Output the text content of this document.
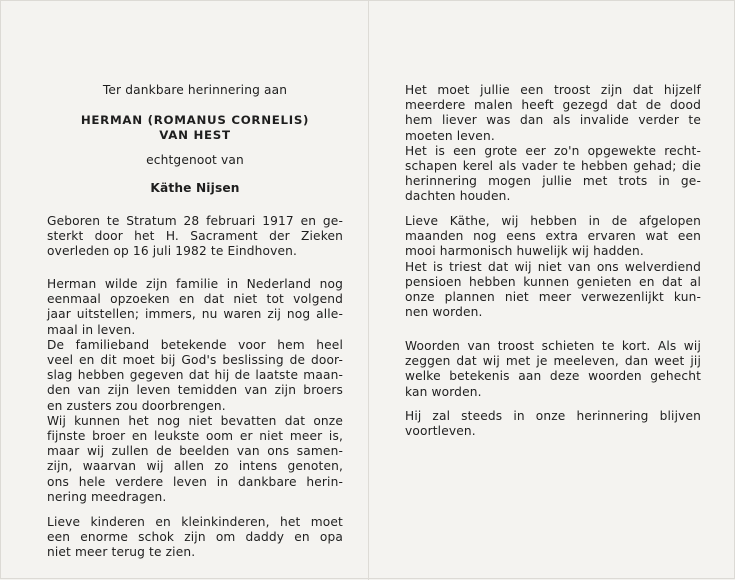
Ter dankbare herinnering aan
HERMAN (ROMANUS CORNELIS)
VAN HEST
echtgenoot van
Käthe Nijsen
Geboren te Stratum 28 februari 1917 en ge-
sterkt door het H. Sacrament der Zieken
overleden op 16 juli 1982 te Eindhoven.
Herman wilde zijn familie in Nederland nog
eenmaal opzoeken en dat niet tot volgend
jaar uitstellen; immers, nu waren zij nog alle-
maal in leven.
De familieband betekende voor hem heel
veel en dit moet bij God's beslissing de door-
slag hebben gegeven dat hij de laatste maan-
den van zijn leven temidden van zijn broers
en zusters zou doorbrengen.
Wij kunnen het nog niet bevatten dat onze
fijnste broer en leukste oom er niet meer is,
maar wij zullen de beelden van ons samen-
zijn, waarvan wij allen zo intens genoten,
ons hele verdere leven in dankbare herin-
nering meedragen.
Lieve kinderen en kleinkinderen, het moet
een enorme schok zijn om daddy en opa
niet meer terug te zien.
Het moet jullie een troost zijn dat hijzelf
meerdere malen heeft gezegd dat de dood
hem liever was dan als invalide verder te
moeten leven.
Het is een grote eer zo'n opgewekte recht-
schapen kerel als vader te hebben gehad; die
herinnering mogen jullie met trots in ge-
dachten houden.
Lieve Käthe, wij hebben in de afgelopen
maanden nog eens extra ervaren wat een
mooi harmonisch huwelijk wij hadden.
Het is triest dat wij niet van ons welverdiend
pensioen hebben kunnen genieten en dat al
onze plannen niet meer verwezenlijkt kun-
nen worden.
Woorden van troost schieten te kort. Als wij
zeggen dat wij met je meeleven, dan weet jij
welke betekenis aan deze woorden gehecht
kan worden.
Hij zal steeds in onze herinnering blijven
voortleven.
